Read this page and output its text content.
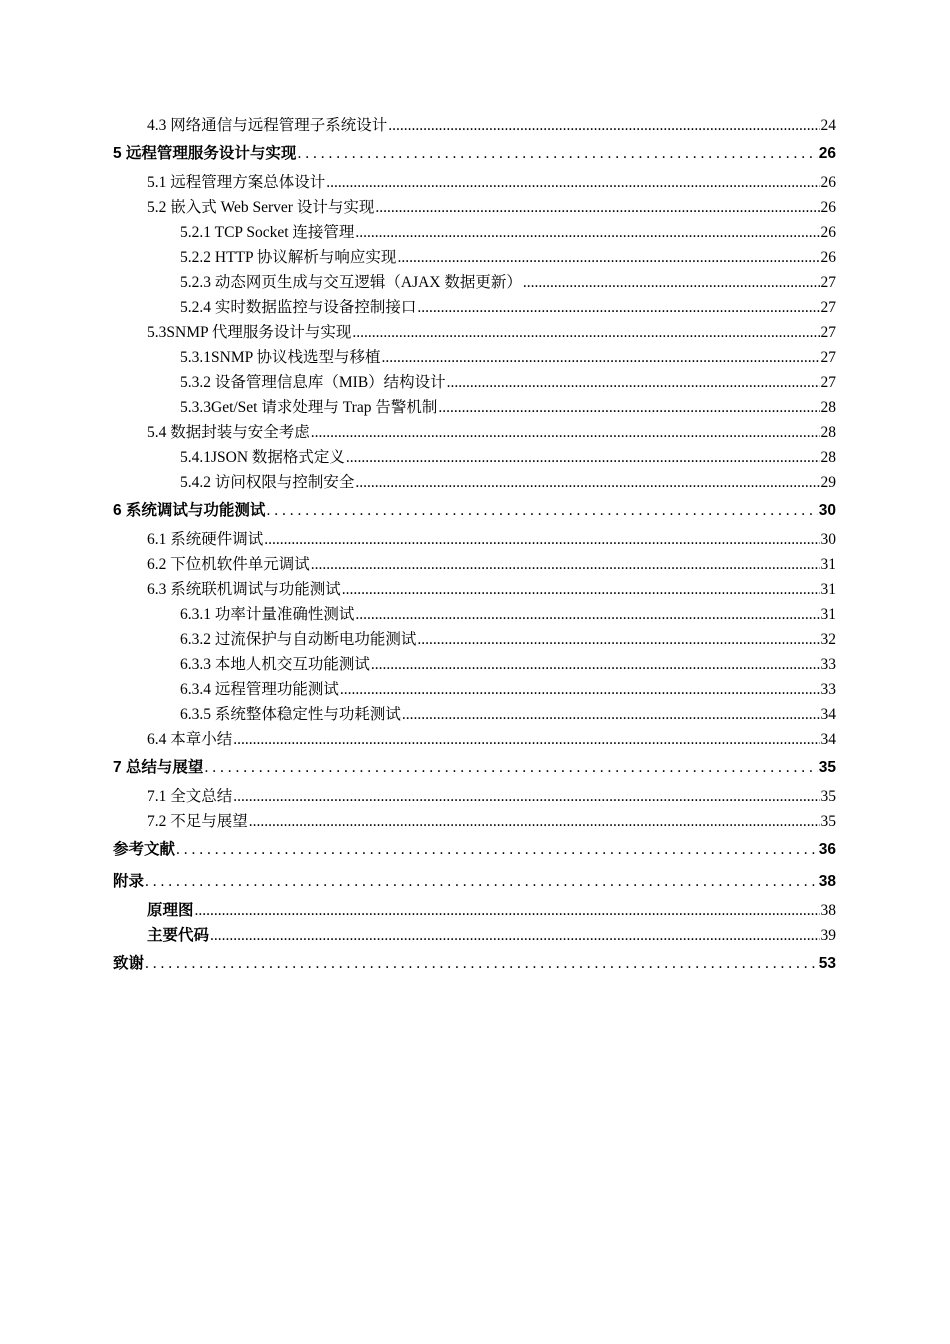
4.3 网络通信与远程管理子系统设计 .....	24
5 远程管理服务设计与实现 . . .	26
5.1 远程管理方案总体设计 .....	26
5.2 嵌入式 Web Server 设计与实现 .....	26
5.2.1 TCP Socket 连接管理 .....	26
5.2.2 HTTP 协议解析与响应实现 .....	26
5.2.3 动态网页生成与交互逻辑（AJAX 数据更新） .....	27
5.2.4 实时数据监控与设备控制接口 .....	27
5.3SNMP 代理服务设计与实现 .....	27
5.3.1SNMP 协议栈选型与移植 .....	27
5.3.2 设备管理信息库（MIB）结构设计 .....	27
5.3.3Get/Set 请求处理与 Trap 告警机制 .....	28
5.4 数据封装与安全考虑 .....	28
5.4.1JSON 数据格式定义 .....	28
5.4.2 访问权限与控制安全 .....	29
6 系统调试与功能测试 . . .	30
6.1 系统硬件调试 .....	30
6.2 下位机软件单元调试 .....	31
6.3 系统联机调试与功能测试 .....	31
6.3.1 功率计量准确性测试 .....	31
6.3.2 过流保护与自动断电功能测试 .....	32
6.3.3 本地人机交互功能测试 .....	33
6.3.4 远程管理功能测试 .....	33
6.3.5 系统整体稳定性与功耗测试 .....	34
6.4 本章小结 .....	34
7 总结与展望 . . .	35
7.1 全文总结 .....	35
7.2 不足与展望 .....	35
参考文献 . . .	36
附录 . . .	38
原理图 .....	38
主要代码 .....	39
致谢 . . .	53
